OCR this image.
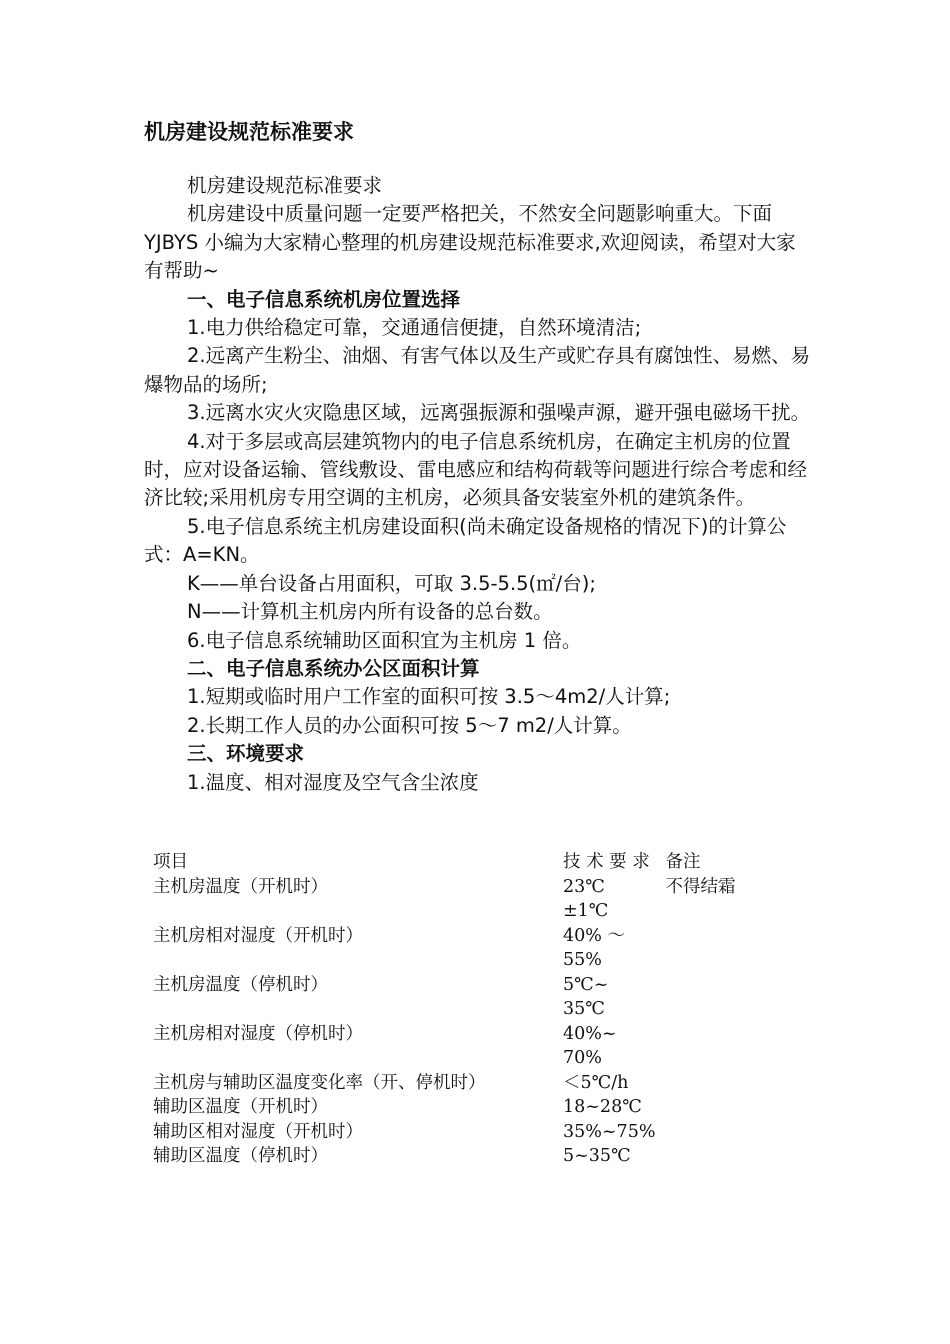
机房建设规范标准要求

机房建设规范标准要求

机房建设中质量问题一定要严格把关，不然安全问题影响重大。下面 YJBYS 小编为大家精心整理的机房建设规范标准要求,欢迎阅读，希望对大家有帮助~

一、电子信息系统机房位置选择

1.电力供给稳定可靠，交通通信便捷，自然环境清洁;

2.远离产生粉尘、油烟、有害气体以及生产或贮存具有腐蚀性、易燃、易爆物品的场所;

3.远离水灾火灾隐患区域，远离强振源和强噪声源，避开强电磁场干扰。

4.对于多层或高层建筑物内的电子信息系统机房，在确定主机房的位置时，应对设备运输、管线敷设、雷电感应和结构荷载等问题进行综合考虑和经济比较;采用机房专用空调的主机房，必须具备安装室外机的建筑条件。

5.电子信息系统主机房建设面积(尚未确定设备规格的情况下)的计算公式：A=KN。

K——单台设备占用面积，可取 3.5-5.5(㎡/台);

N——计算机主机房内所有设备的总台数。

6.电子信息系统辅助区面积宜为主机房 1 倍。

二、电子信息系统办公区面积计算

1.短期或临时用户工作室的面积可按 3.5～4m2/人计算;

2.长期工作人员的办公面积可按 5～7 m2/人计算。

三、环境要求

1.温度、相对湿度及空气含尘浓度

项目	技 术 要 求	备注
主机房温度（开机时）	23℃ ±1℃	不得结霜
主机房相对湿度（开机时）	40% ～ 55%	
主机房温度（停机时）	5℃~ 35℃	
主机房相对湿度（停机时）	40%~ 70%	
主机房与辅助区温度变化率（开、停机时）	＜5℃/h	
辅助区温度（开机时）	18~28℃	
辅助区相对湿度（开机时）	35%~75%	
辅助区温度（停机时）	5~35℃	
